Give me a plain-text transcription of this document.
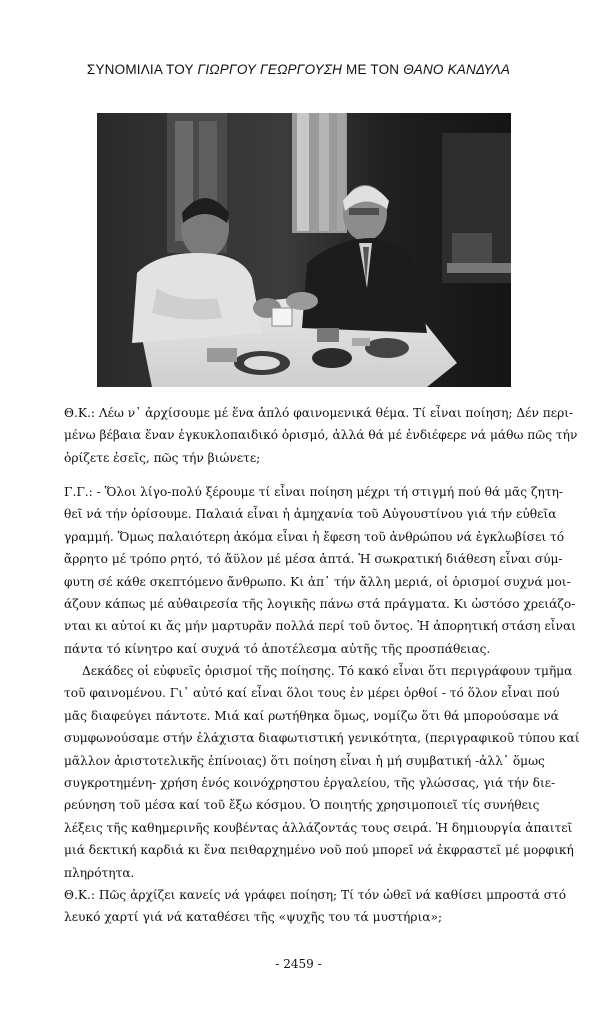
ΣΥΝΟΜΙΛΙΑ ΤΟΥ ΓΙΩΡΓΟΥ ΓΕΩΡΓΟΥΣΗ ΜΕ ΤΟΝ ΘΑΝΟ ΚΑΝΔΥΛΑ
Θ.Κ.: Λέω ν᾽ ἀρχίσουμε μέ ἕνα ἁπλό φαινομενικά θέμα. Τί εἶναι ποίηση; Δέν περι-
μένω βέβαια ἕναν ἐγκυκλοπαιδικό ὁρισμό, ἀλλά θά μέ ἐνδιέφερε νά μάθω πῶς τήν
ὁρίζετε ἐσεῖς, πῶς τήν βιώνετε;
Γ.Γ.: - Ὅλοι λίγο-πολύ ξέρουμε τί εἶναι ποίηση μέχρι τή στιγμή πού θά μᾶς ζητη-
θεῖ νά τήν ὁρίσουμε. Παλαιά εἶναι ἡ ἀμηχανία τοῦ Αὐγουστίνου γιά τήν εὐθεῖα
γραμμή. Ὅμως παλαιότερη ἀκόμα εἶναι ἡ ἔφεση τοῦ ἀνθρώπου νά ἐγκλωβίσει τό
ἄρρητο μέ τρόπο ρητό, τό ἄϋλον μέ μέσα ἁπτά. Ἡ σωκρατική διάθεση εἶναι σύμ-
φυτη σέ κάθε σκεπτόμενο ἄνθρωπο. Κι ἀπ᾽ τήν ἄλλη μεριά, οἱ ὁρισμοί συχνά μοι-
άζουν κάπως μέ αὐθαιρεσία τῆς λογικῆς πάνω στά πράγματα. Κι ὡστόσο χρειάζο-
νται κι αὐτοί κι ἄς μήν μαρτυρᾶν πολλά περί τοῦ ὄντος. Ἡ ἀπορητική στάση εἶναι
πάντα τό κίνητρο καί συχνά τό ἀποτέλεσμα αὐτῆς τῆς προσπάθειας.
Δεκάδες οἱ εὐφυεῖς ὁρισμοί τῆς ποίησης. Τό κακό εἶναι ὅτι περιγράφουν τμῆμα
τοῦ φαινομένου. Γι᾽ αὐτό καί εἶναι ὅλοι τους ἐν μέρει ὀρθοί - τό ὅλον εἶναι πού
μᾶς διαφεύγει πάντοτε. Μιά καί ρωτήθηκα ὅμως, νομίζω ὅτι θά μπορούσαμε νά
συμφωνούσαμε στήν ἐλάχιστα διαφωτιστική γενικότητα, (περιγραφικοῦ τύπου καί
μᾶλλον ἀριστοτελικῆς ἐπίνοιας) ὅτι ποίηση εἶναι ἡ μή συμβατική -ἀλλ᾽ ὅμως
συγκροτημένη- χρήση ἑνός κοινόχρηστου ἐργαλείου, τῆς γλώσσας, γιά τήν διε-
ρεύνηση τοῦ μέσα καί τοῦ ἔξω κόσμου. Ὁ ποιητής χρησιμοποιεῖ τίς συνήθεις
λέξεις τῆς καθημερινῆς κουβέντας ἀλλάζοντάς τους σειρά. Ἡ δημιουργία ἀπαιτεῖ
μιά δεκτική καρδιά κι ἕνα πειθαρχημένο νοῦ πού μπορεῖ νά ἐκφραστεῖ μέ μορφική
πληρότητα.
Θ.Κ.: Πῶς ἀρχίζει κανείς νά γράφει ποίηση; Τί τόν ὠθεῖ νά καθίσει μπροστά στό
λευκό χαρτί γιά νά καταθέσει τῆς «ψυχῆς του τά μυστήρια»;
- 2459 -
